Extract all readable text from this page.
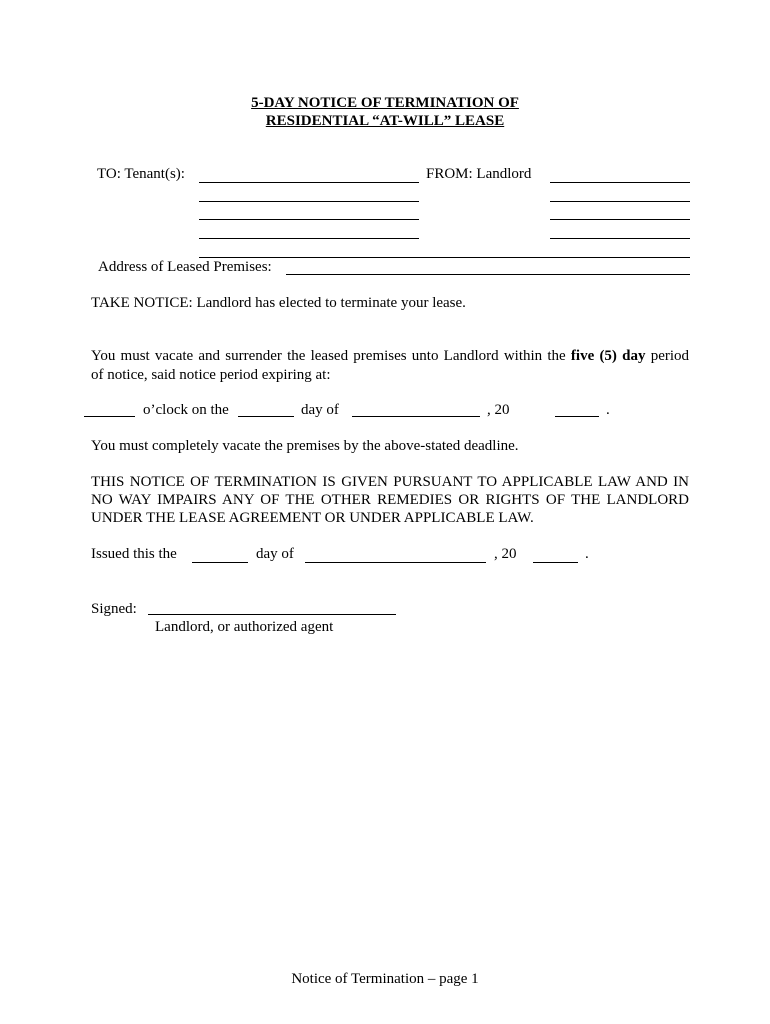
5-DAY NOTICE OF TERMINATION OF
RESIDENTIAL “AT-WILL” LEASE
TO: Tenant(s):	FROM: Landlord
Address of Leased Premises:
TAKE NOTICE: Landlord has elected to terminate your lease.
You must vacate and surrender the leased premises unto Landlord within the five (5) day period
of notice, said notice period expiring at:
o’clock on the	day of	, 20	.
You must completely vacate the premises by the above-stated deadline.
THIS NOTICE OF TERMINATION IS GIVEN PURSUANT TO APPLICABLE LAW AND IN
NO WAY IMPAIRS ANY OF THE OTHER REMEDIES OR RIGHTS OF THE LANDLORD
UNDER THE LEASE AGREEMENT OR UNDER APPLICABLE LAW.
Issued this the	day of	, 20	.
Signed:
Landlord, or authorized agent
Notice of Termination – page 1
